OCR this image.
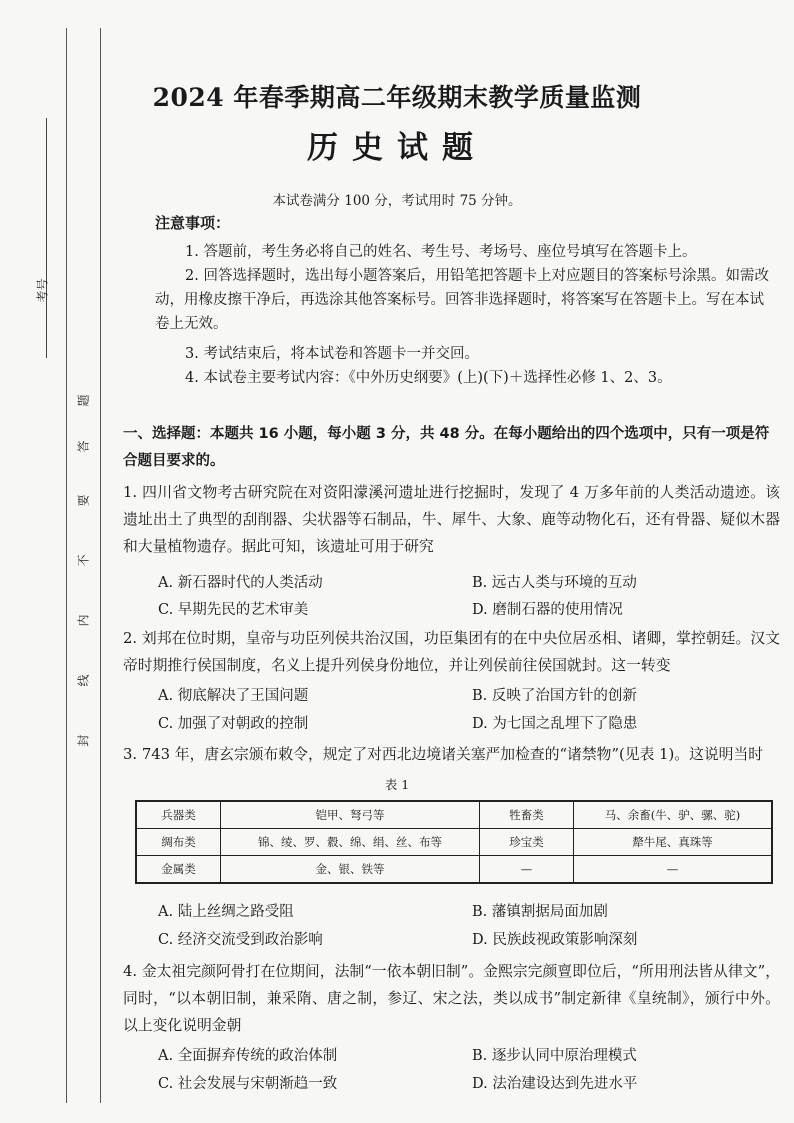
考号
题
答
要
不
内
线
封
2024 年春季期高二年级期末教学质量监测
历史试题
本试卷满分 100 分，考试用时 75 分钟。
注意事项：
1. 答题前，考生务必将自己的姓名、考生号、考场号、座位号填写在答题卡上。
2. 回答选择题时，选出每小题答案后，用铅笔把答题卡上对应题目的答案标号涂黑。如需改动，用橡皮擦干净后，再选涂其他答案标号。回答非选择题时，将答案写在答题卡上。写在本试卷上无效。
3. 考试结束后，将本试卷和答题卡一并交回。
4. 本试卷主要考试内容：《中外历史纲要》(上)(下)＋选择性必修 1、2、3。
一、选择题：本题共 16 小题，每小题 3 分，共 48 分。在每小题给出的四个选项中，只有一项是符合题目要求的。
1. 四川省文物考古研究院在对资阳濛溪河遗址进行挖掘时，发现了 4 万多年前的人类活动遗迹。该遗址出土了典型的刮削器、尖状器等石制品，牛、犀牛、大象、鹿等动物化石，还有骨器、疑似木器和大量植物遗存。据此可知，该遗址可用于研究
A. 新石器时代的人类活动	B. 远古人类与环境的互动
C. 早期先民的艺术审美	D. 磨制石器的使用情况
2. 刘邦在位时期，皇帝与功臣列侯共治汉国，功臣集团有的在中央位居丞相、诸卿，掌控朝廷。汉文帝时期推行侯国制度，名义上提升列侯身份地位，并让列侯前往侯国就封。这一转变
A. 彻底解决了王国问题	B. 反映了治国方针的创新
C. 加强了对朝政的控制	D. 为七国之乱埋下了隐患
3. 743 年，唐玄宗颁布敕令，规定了对西北边境诸关塞严加检查的“诸禁物”(见表 1)。这说明当时
表 1
兵器类	铠甲、弩弓等	牲畜类	马、余畜(牛、驴、骡、驼)
绸布类	锦、绫、罗、縠、绵、绢、丝、布等	珍宝类	犛牛尾、真珠等
金属类	金、银、铁等	—	—
A. 陆上丝绸之路受阻	B. 藩镇割据局面加剧
C. 经济交流受到政治影响	D. 民族歧视政策影响深刻
4. 金太祖完颜阿骨打在位期间，法制“一依本朝旧制”。金熙宗完颜亶即位后，“所用刑法皆从律文”，同时，“以本朝旧制，兼采隋、唐之制，参辽、宋之法，类以成书”制定新律《皇统制》，颁行中外。以上变化说明金朝
A. 全面摒弃传统的政治体制	B. 逐步认同中原治理模式
C. 社会发展与宋朝渐趋一致	D. 法治建设达到先进水平
